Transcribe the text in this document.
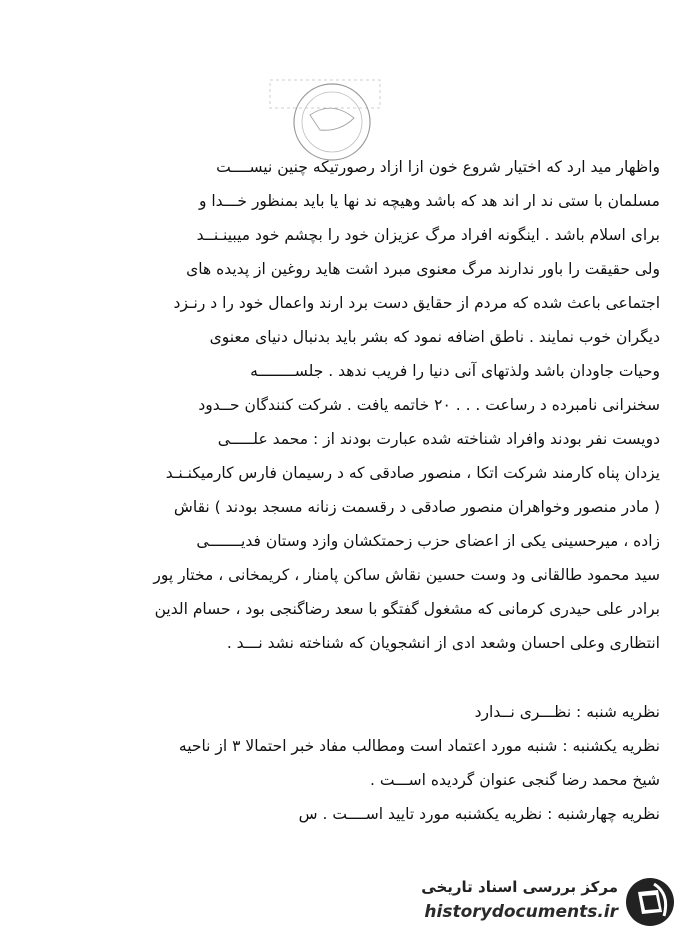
واظهار مید ارد که اختیار شروع خون ازا ازاد رصورتیکه چنین نیســــت
مسلمان با ستی ند ار اند هد که باشد وهیچه ند نها یا باید بمنظور خـــدا و
برای اسلام باشد . اینگونه افراد مرگ عزیزان خود را بچشم خود میبینـنــد
ولی حقیقت را باور ندارند مرگ معنوی مبرد اشت هاید روغین از پدیده های
اجتماعی باعث شده که مردم از حقایق دست برد ارند واعمال خود را د رنـزد
دیگران خوب نمایند . ناطق اضافه نمود که بشر باید بدنبال دنیای معنوی
وحیات جاودان باشد ولذتهای آنی دنیا را فریب ندهد . جلســــــــه
سخنرانی نامبرده د رساعت . . . ۲۰ خاتمه یافت . شرکت کنندگان حــدود
دویست نفر بودند وافراد شناخته شده عبارت بودند از : محمد علـــــی
یزدان پناه کارمند شرکت اتکا ، منصور صادقی که د رسیمان فارس کارمیکنـنـد
( مادر منصور وخواهران منصور صادقی د رقسمت زنانه مسجد بودند ) نقاش
زاده ، میرحسینی یکی از اعضای حزب زحمتکشان وازد وستان فدیـــــــی
سید محمود طالقانی ود وست حسین نقاش ساکن پامنار ، کریمخانی ، مختار پور
برادر علی حیدری کرمانی که مشغول گفتگو با سعد رضاگنجی بود ، حسام الدین
انتظاری وعلی احسان وشعد ادی از انشجویان که شناخته نشد نـــد .
نظریه شنبه : نظـــری نــدارد
نظریه یکشنبه : شنبه مورد اعتماد است ومطالب مفاد خبر احتمالا ۳ از ناحیه
شیخ محمد رضا گنجی عنوان گردیده اســـت .
نظریه چهارشنبه : نظریه یکشنبه مورد تایید اســــت . س
مرکز بررسی اسناد تاریخی
historydocuments.ir
